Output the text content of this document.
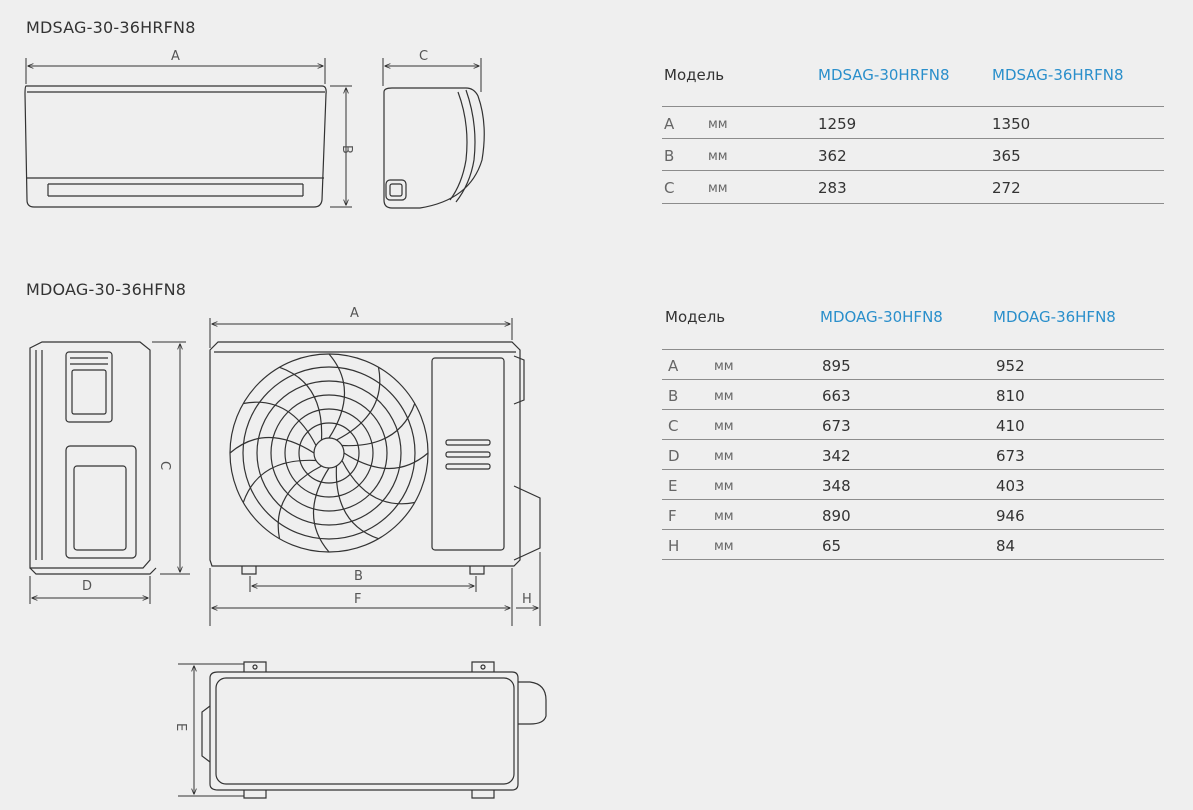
MDSAG-30-36HRFN8
MDOAG-30-36HFN8
A
B
C
C
D
A
B
F	H
E
Модель	MDSAG-30HRFN8	MDSAG-36HRFN8
A	мм	1259	1350
B	мм	362	365
C	мм	283	272
Модель	MDOAG-30HFN8	MDOAG-36HFN8
A	мм	895	952
B	мм	663	810
C	мм	673	410
D	мм	342	673
E	мм	348	403
F	мм	890	946
H	мм	65	84
